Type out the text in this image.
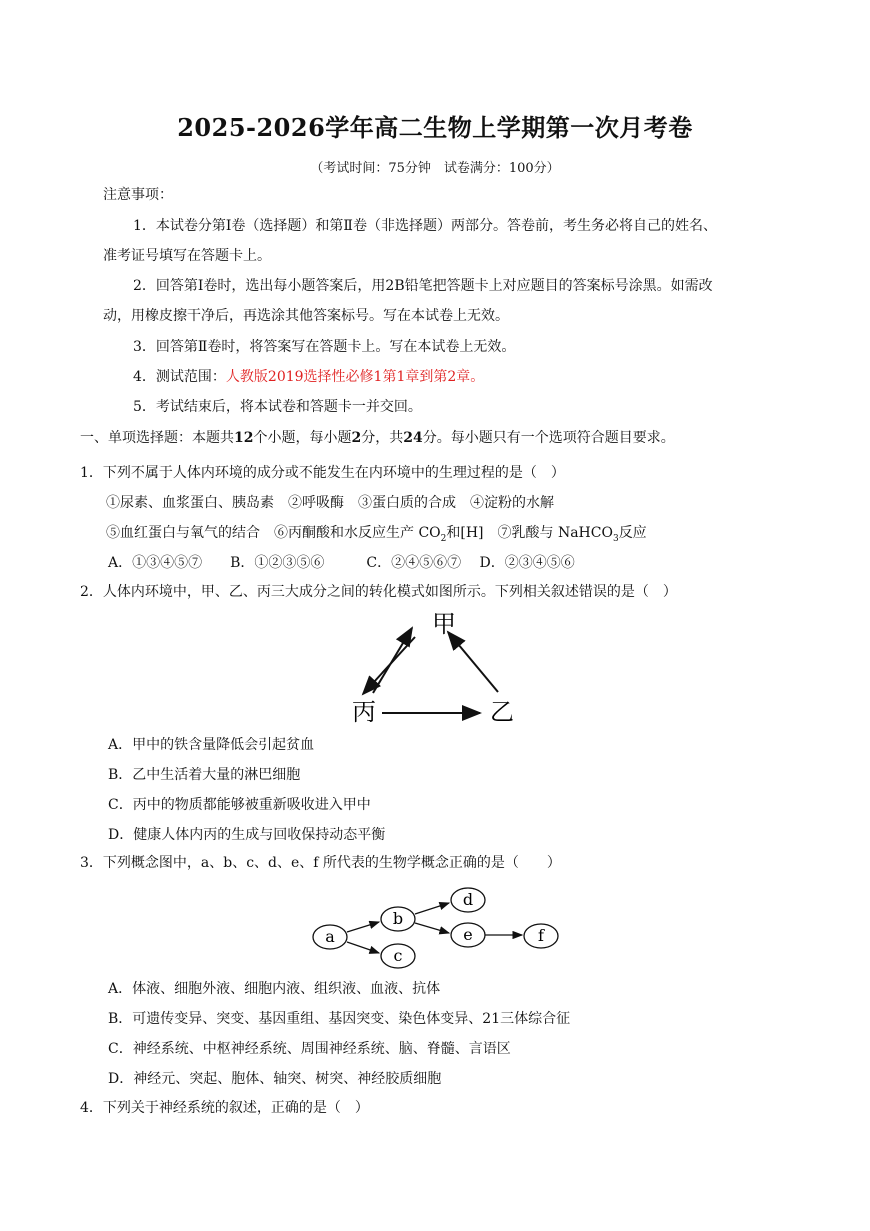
2025-2026学年高二生物上学期第一次月考卷
（考试时间：75分钟　试卷满分：100分）
注意事项：
1．本试卷分第Ⅰ卷（选择题）和第Ⅱ卷（非选择题）两部分。答卷前，考生务必将自己的姓名、
准考证号填写在答题卡上。
2．回答第Ⅰ卷时，选出每小题答案后，用2B铅笔把答题卡上对应题目的答案标号涂黑。如需改
动，用橡皮擦干净后，再选涂其他答案标号。写在本试卷上无效。
3．回答第Ⅱ卷时，将答案写在答题卡上。写在本试卷上无效。
4．测试范围：人教版2019选择性必修1第1章到第2章。
5．考试结束后，将本试卷和答题卡一并交回。
一、单项选择题：本题共12个小题，每小题2分，共24分。每小题只有一个选项符合题目要求。
1．下列不属于人体内环境的成分或不能发生在内环境中的生理过程的是（　）
①尿素、血浆蛋白、胰岛素　②呼吸酶　③蛋白质的合成　④淀粉的水解
⑤血红蛋白与氧气的结合　⑥丙酮酸和水反应生产 $CO_2$和[H]　⑦乳酸与 NaHCO$_3$反应
A．①③④⑤⑦　　B．①②③⑤⑥　　　C．②④⑤⑥⑦　 D．②③④⑤⑥
2．人体内环境中，甲、乙、丙三大成分之间的转化模式如图所示。下列相关叙述错误的是（　）
甲
丙	乙
A．甲中的铁含量降低会引起贫血
B．乙中生活着大量的淋巴细胞
C．丙中的物质都能够被重新吸收进入甲中
D．健康人体内丙的生成与回收保持动态平衡
3．下列概念图中，a、b、c、d、e、f 所代表的生物学概念正确的是（　　）
a
b
c
d
e	f
A．体液、细胞外液、细胞内液、组织液、血液、抗体
B．可遗传变异、突变、基因重组、基因突变、染色体变异、21三体综合征
C．神经系统、中枢神经系统、周围神经系统、脑、脊髓、言语区
D．神经元、突起、胞体、轴突、树突、神经胶质细胞
4．下列关于神经系统的叙述，正确的是（　）
